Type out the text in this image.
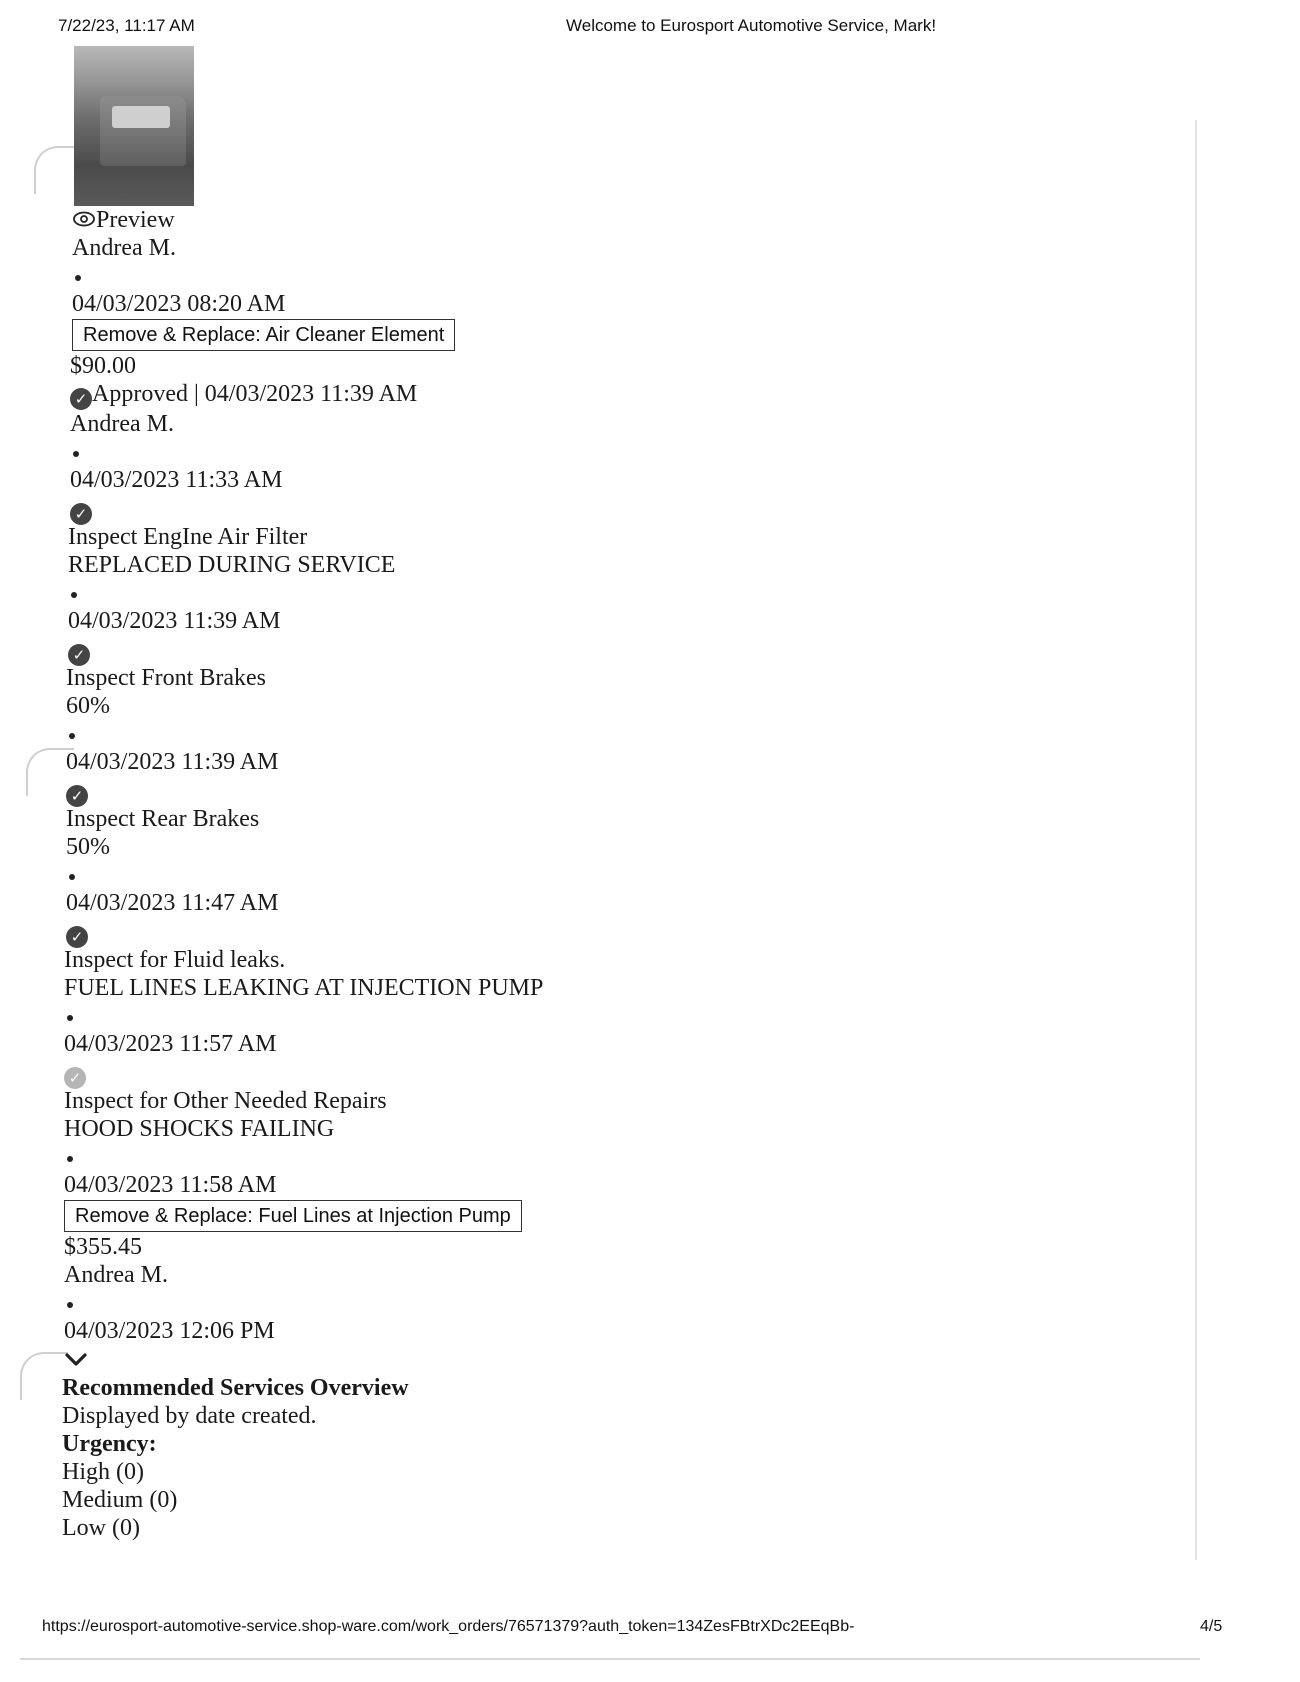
7/22/23, 11:17 AM	Welcome to Eurosport Automotive Service, Mark!
Preview
Andrea M.
04/03/2023 08:20 AM
Remove & Replace: Air Cleaner Element
$90.00
✓ Approved | 04/03/2023 11:39 AM
Andrea M.
04/03/2023 11:33 AM
✓
Inspect EngIne Air Filter
REPLACED DURING SERVICE
04/03/2023 11:39 AM
✓
Inspect Front Brakes
60%
04/03/2023 11:39 AM
✓
Inspect Rear Brakes
50%
04/03/2023 11:47 AM
✓
Inspect for Fluid leaks.
FUEL LINES LEAKING AT INJECTION PUMP
04/03/2023 11:57 AM
✓
Inspect for Other Needed Repairs
HOOD SHOCKS FAILING
04/03/2023 11:58 AM
Remove & Replace: Fuel Lines at Injection Pump
$355.45
Andrea M.
04/03/2023 12:06 PM
Recommended Services Overview
Displayed by date created.
Urgency:
High (0)
Medium (0)
Low (0)
https://eurosport-automotive-service.shop-ware.com/work_orders/76571379?auth_token=134ZesFBtrXDc2EEqBb-	4/5
